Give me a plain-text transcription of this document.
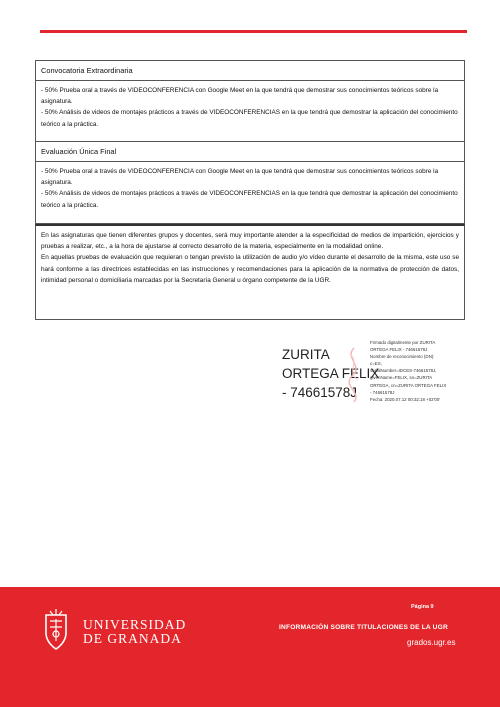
Convocatoria Extraordinaria

- 50% Prueba oral a través de VIDEOCONFERENCIA con Google Meet en la que tendrá que demostrar sus conocimientos teóricos sobre la asignatura.

- 50% Análisis de videos de montajes prácticos a través de VIDEOCONFERENCIAS en la que tendrá que demostrar la aplicación del conocimiento teórico a la práctica.

Evaluación Única Final

- 50% Prueba oral a través de VIDEOCONFERENCIA con Google Meet en la que tendrá que demostrar sus conocimientos teóricos sobre la asignatura.

- 50% Análisis de videos de montajes prácticos a través de VIDEOCONFERENCIAS en la que tendrá que demostrar la aplicación del conocimiento teórico a la práctica.

En las asignaturas que tienen diferentes grupos y docentes, será muy importante atender a la especificidad de medios de impartición, ejercicios y pruebas a realizar, etc., a la hora de ajustarse al correcto desarrollo de la materia, especialmente en la modalidad online.

En aquellas pruebas de evaluación que requieran o tengan previsto la utilización de audio y/o vídeo durante el desarrollo de la misma, este uso se hará conforme a las directrices establecidas en las instrucciones y recomendaciones para la aplicación de la normativa de protección de datos, intimidad personal o domiciliaria marcadas por la Secretaría General u órgano competente de la UGR.

ZURITA
ORTEGA FELIX
- 74661578J
Firmado digitalmente por ZURITA
ORTEGA FELIX - 74661578J
Nombre de reconocimiento (DN):
c=ES,
serialNumber=IDCES-74661578J,
givenName=FELIX, sn=ZURITA
ORTEGA, cn=ZURITA ORTEGA FELIX
- 74661578J
Fecha: 2020.07.12 00:32:18 +02'00'
UNIVERSIDAD
DE GRANADA
Página 9
INFORMACIÓN SOBRE TITULACIONES DE LA UGR
grados.ugr.es
